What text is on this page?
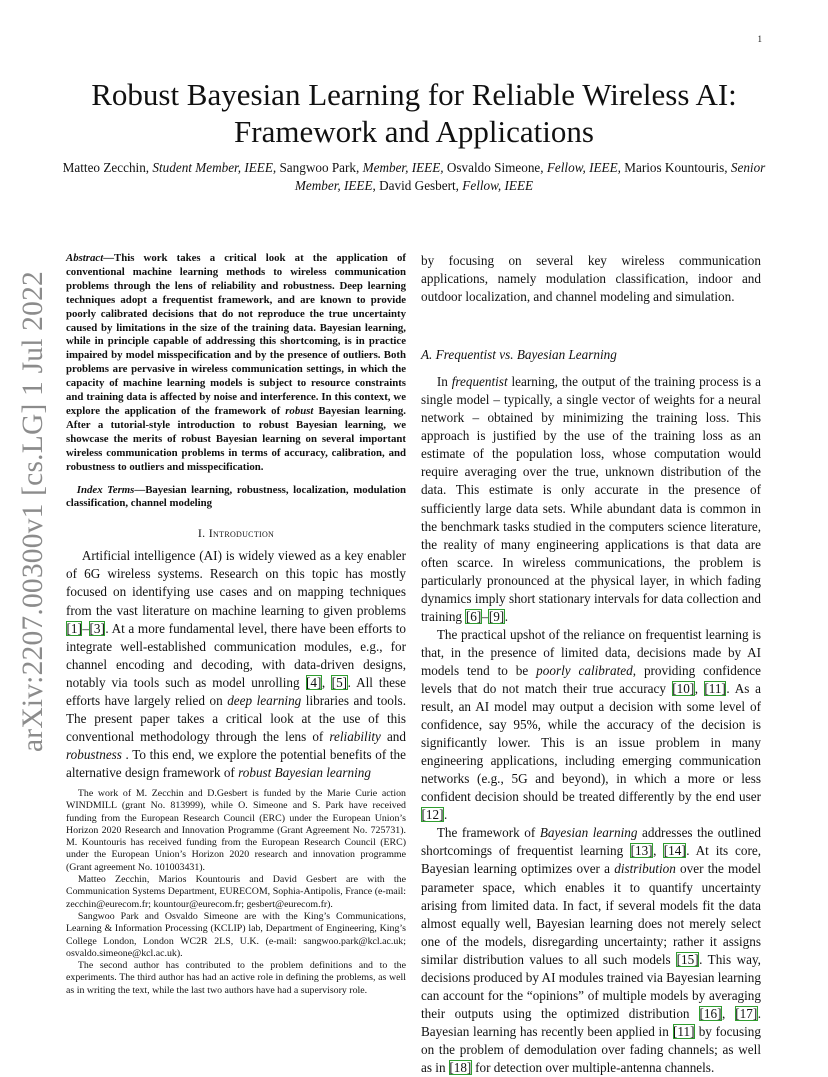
1
arXiv:2207.00300v1 [cs.LG] 1 Jul 2022
Robust Bayesian Learning for Reliable Wireless AI: Framework and Applications
Matteo Zecchin, Student Member, IEEE, Sangwoo Park, Member, IEEE, Osvaldo Simeone, Fellow, IEEE, Marios Kountouris, Senior Member, IEEE, David Gesbert, Fellow, IEEE

Abstract—This work takes a critical look at the application of conventional machine learning methods to wireless communication problems through the lens of reliability and robustness. Deep learning techniques adopt a frequentist framework, and are known to provide poorly calibrated decisions that do not reproduce the true uncertainty caused by limitations in the size of the training data. Bayesian learning, while in principle capable of addressing this shortcoming, is in practice impaired by model misspecification and by the presence of outliers. Both problems are pervasive in wireless communication settings, in which the capacity of machine learning models is subject to resource constraints and training data is affected by noise and interference. In this context, we explore the application of the framework of robust Bayesian learning. After a tutorial-style introduction to robust Bayesian learning, we showcase the merits of robust Bayesian learning on several important wireless communication problems in terms of accuracy, calibration, and robustness to outliers and misspecification.

Index Terms—Bayesian learning, robustness, localization, modulation classification, channel modeling

I. Introduction

Artificial intelligence (AI) is widely viewed as a key enabler of 6G wireless systems. Research on this topic has mostly focused on identifying use cases and on mapping techniques from the vast literature on machine learning to given problems [1]–[3]. At a more fundamental level, there have been efforts to integrate well-established communication modules, e.g., for channel encoding and decoding, with data-driven designs, notably via tools such as model unrolling [4], [5]. All these efforts have largely relied on deep learning libraries and tools. The present paper takes a critical look at the use of this conventional methodology through the lens of reliability and robustness . To this end, we explore the potential benefits of the alternative design framework of robust Bayesian learning

The work of M. Zecchin and D.Gesbert is funded by the Marie Curie action WINDMILL (grant No. 813999), while O. Simeone and S. Park have received funding from the European Research Council (ERC) under the European Union’s Horizon 2020 Research and Innovation Programme (Grant Agreement No. 725731). M. Kountouris has received funding from the European Research Council (ERC) under the European Union’s Horizon 2020 research and innovation programme (Grant agreement No. 101003431).

Matteo Zecchin, Marios Kountouris and David Gesbert are with the Communication Systems Department, EURECOM, Sophia-Antipolis, France (e-mail: zecchin@eurecom.fr; kountour@eurecom.fr; gesbert@eurecom.fr).

Sangwoo Park and Osvaldo Simeone are with the King’s Communications, Learning & Information Processing (KCLIP) lab, Department of Engineering, King’s College London, London WC2R 2LS, U.K. (e-mail: sangwoo.park@kcl.ac.uk; osvaldo.simeone@kcl.ac.uk).

The second author has contributed to the problem definitions and to the experiments. The third author has had an active role in defining the problems, as well as in writing the text, while the last two authors have had a supervisory role.

by focusing on several key wireless communication applications, namely modulation classification, indoor and outdoor localization, and channel modeling and simulation.

A. Frequentist vs. Bayesian Learning

In frequentist learning, the output of the training process is a single model – typically, a single vector of weights for a neural network – obtained by minimizing the training loss. This approach is justified by the use of the training loss as an estimate of the population loss, whose computation would require averaging over the true, unknown distribution of the data. This estimate is only accurate in the presence of sufficiently large data sets. While abundant data is common in the benchmark tasks studied in the computers science literature, the reality of many engineering applications is that data are often scarce. In wireless communications, the problem is particularly pronounced at the physical layer, in which fading dynamics imply short stationary intervals for data collection and training [6]–[9].

The practical upshot of the reliance on frequentist learning is that, in the presence of limited data, decisions made by AI models tend to be poorly calibrated, providing confidence levels that do not match their true accuracy [10], [11]. As a result, an AI model may output a decision with some level of confidence, say 95%, while the accuracy of the decision is significantly lower. This is an issue problem in many engineering applications, including emerging communication networks (e.g., 5G and beyond), in which a more or less confident decision should be treated differently by the end user [12].

The framework of Bayesian learning addresses the outlined shortcomings of frequentist learning [13], [14]. At its core, Bayesian learning optimizes over a distribution over the model parameter space, which enables it to quantify uncertainty arising from limited data. In fact, if several models fit the data almost equally well, Bayesian learning does not merely select one of the models, disregarding uncertainty; rather it assigns similar distribution values to all such models [15]. This way, decisions produced by AI modules trained via Bayesian learning can account for the “opinions” of multiple models by averaging their outputs using the optimized distribution [16], [17]. Bayesian learning has recently been applied in [11] by focusing on the problem of demodulation over fading channels; as well as in [18] for detection over multiple-antenna channels.
